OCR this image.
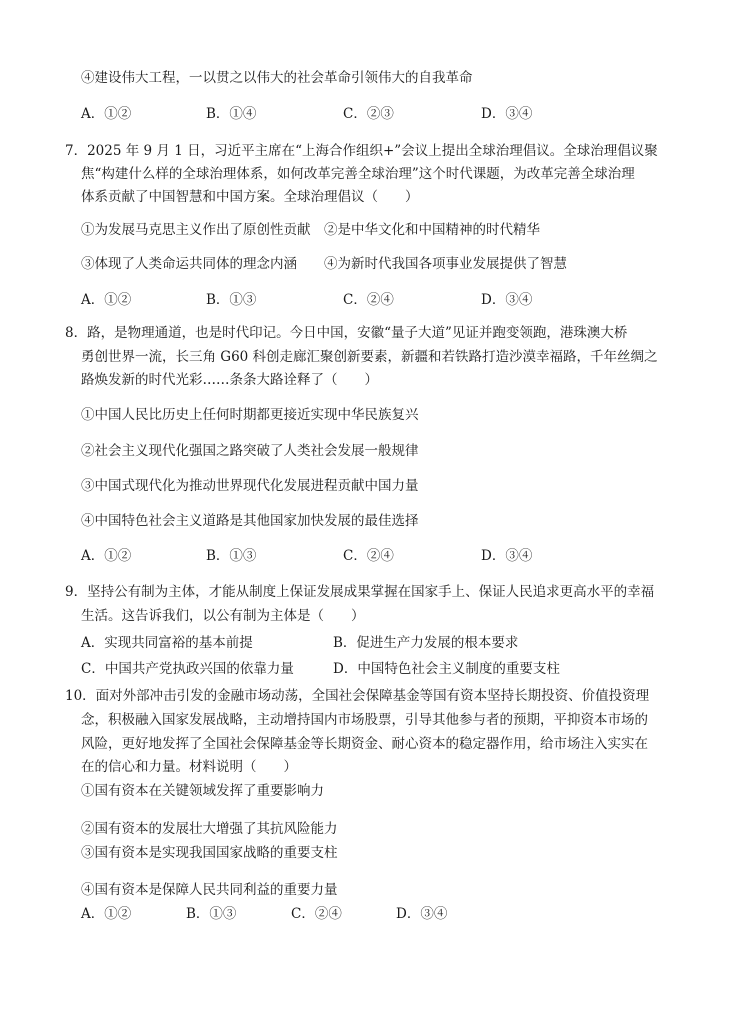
④建设伟大工程，一以贯之以伟大的社会革命引领伟大的自我革命
A．①②	B．①④	C．②③	D．③④
7．2025 年 9 月 1 日，习近平主席在“上海合作组织+”会议上提出全球治理倡议。全球治理倡议聚
焦“构建什么样的全球治理体系，如何改革完善全球治理”这个时代课题，为改革完善全球治理
体系贡献了中国智慧和中国方案。全球治理倡议（　　）
①为发展马克思主义作出了原创性贡献　②是中华文化和中国精神的时代精华
③体现了人类命运共同体的理念内涵　　④为新时代我国各项事业发展提供了智慧
A．①②	B．①③	C．②④	D．③④
8．路，是物理通道，也是时代印记。今日中国，安徽“量子大道”见证并跑变领跑，港珠澳大桥
勇创世界一流，长三角 G60 科创走廊汇聚创新要素，新疆和若铁路打造沙漠幸福路，千年丝绸之
路焕发新的时代光彩……条条大路诠释了（　　）
①中国人民比历史上任何时期都更接近实现中华民族复兴
②社会主义现代化强国之路突破了人类社会发展一般规律
③中国式现代化为推动世界现代化发展进程贡献中国力量
④中国特色社会主义道路是其他国家加快发展的最佳选择
A．①②	B．①③	C．②④	D．③④
9．坚持公有制为主体，才能从制度上保证发展成果掌握在国家手上、保证人民追求更高水平的幸福
生活。这告诉我们，以公有制为主体是（　　）
A．实现共同富裕的基本前提	B．促进生产力发展的根本要求
C．中国共产党执政兴国的依靠力量	D．中国特色社会主义制度的重要支柱
10．面对外部冲击引发的金融市场动荡，全国社会保障基金等国有资本坚持长期投资、价值投资理
念，积极融入国家发展战略，主动增持国内市场股票，引导其他参与者的预期，平抑资本市场的
风险，更好地发挥了全国社会保障基金等长期资金、耐心资本的稳定器作用，给市场注入实实在
在的信心和力量。材料说明（　　）
①国有资本在关键领域发挥了重要影响力
②国有资本的发展壮大增强了其抗风险能力
③国有资本是实现我国国家战略的重要支柱
④国有资本是保障人民共同利益的重要力量
A．①②	B．①③	C．②④	D．③④
